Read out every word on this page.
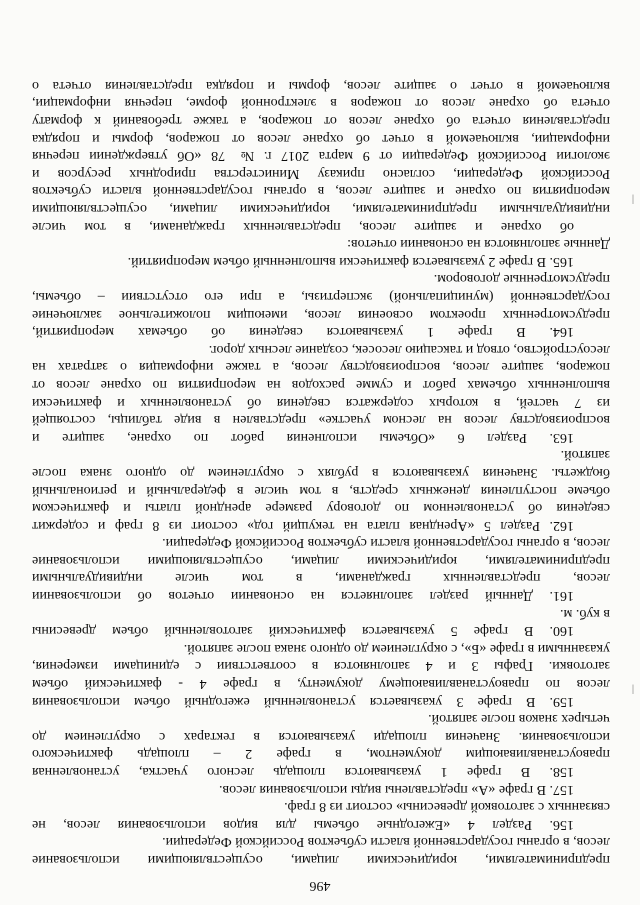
496
предпринимателями, юридическими лицами, осуществляющими использование
лесов, в органы государственной власти субъектов Российской Федерации.
156. Раздел 4 «Ежегодные объемы для видов использования лесов, не
связанных с заготовкой древесины» состоит из 8 граф.
157. В графе «А» представлены виды использования лесов.
158. В графе 1 указываются площадь лесного участка, установленная
правоустанавливающим документом, в графе 2 – площадь фактического
использования. Значения площади указываются в гектарах с округлением до
четырех знаков после запятой.
159. В графе 3 указывается установленный ежегодный объем использования
лесов по правоустанавливающему документу, в графе 4 - фактический объем
заготовки. Графы 3 и 4 заполняются в соответствии с единицами измерения,
указанными в графе «Б», с округлением до одного знака после запятой.
160. В графе 5 указывается фактический заготовленный объем древесины
в куб. м.
161. Данный раздел заполняется на основании отчетов об использовании
лесов, представленных гражданами, в том числе индивидуальными
предпринимателями, юридическими лицами, осуществляющими использование
лесов, в органы государственной власти субъектов Российской Федерации.
162. Раздел 5 «Арендная плата на текущий год» состоит из 8 граф и содержит
сведения об установленном по договору размере арендной платы и фактическом
объеме поступления денежных средств, в том числе в федеральный и региональный
бюджеты. Значения указываются в рублях с округлением до одного знака после
запятой.
163. Раздел 6 «Объемы исполнения работ по охране, защите и
воспроизводству лесов на лесном участке» представлен в виде таблицы, состоящей
из 7 частей, в которых содержатся сведения об установленных и фактически
выполненных объемах работ и сумме расходов на мероприятия по охране лесов от
пожаров, защите лесов, воспроизводству лесов, а также информация о затратах на
лесоустройство, отвод и таксацию лесосек, создание лесных дорог.
164. В графе 1 указываются сведения об объемах мероприятий,
предусмотренных проектом освоения лесов, имеющим положительное заключение
государственной (муниципальной) экспертизы, а при его отсутствии – объемы,
предусмотренные договором.
165. В графе 2 указывается фактически выполненный объем мероприятий.
Данные заполняются на основании отчетов:
об охране и защите лесов, представленных гражданами, в том числе
индивидуальными предпринимателями, юридическими лицами, осуществляющими
мероприятия по охране и защите лесов, в органы государственной власти субъектов
Российской Федерации, согласно приказу Министерства природных ресурсов и
экологии Российской Федерации от 9 марта 2017 г. № 78 «Об утверждении перечня
информации, включаемой в отчет об охране лесов от пожаров, формы и порядка
представления отчета об охране лесов от пожаров, а также требований к формату
отчета об охране лесов от пожаров в электронной форме, перечня информации,
включаемой в отчет о защите лесов, формы и порядка представления отчета о
|
|
